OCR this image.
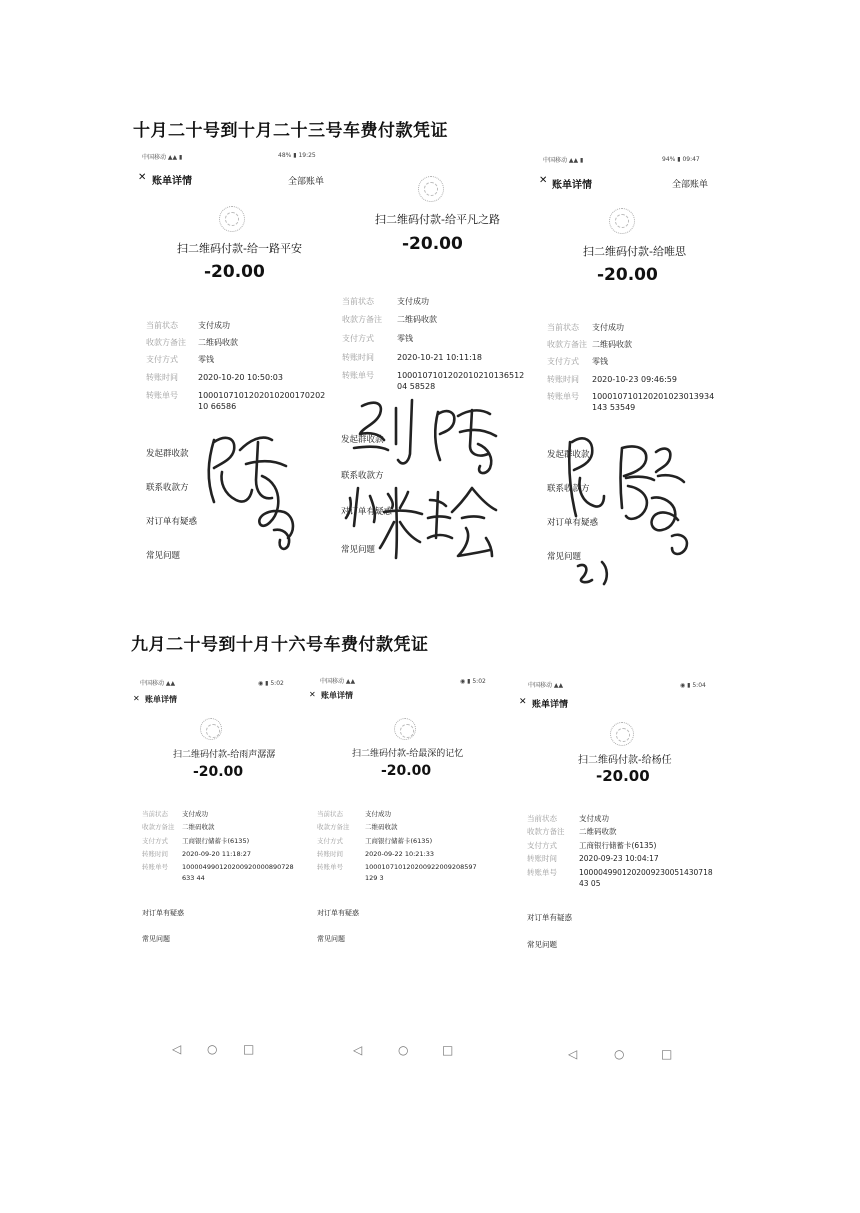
十月二十号到十月二十三号车费付款凭证
九月二十号到十月十六号车费付款凭证
中国移动 ▲▲ ▮	48% ▮ 19:25
✕ 账单详情	全部账单
扫二维码付款-给一路平安
-20.00
当前状态	支付成功
收款方备注 二维码收款
支付方式	零钱
转账时间	2020-10-20 10:50:03
转账单号	100010710120201020017020210 66586
发起群收款
联系收款方
对订单有疑惑
常见问题
扫二维码付款-给平凡之路
-20.00
当前状态	支付成功
收款方备注 二维码收款
支付方式	零钱
转账时间	2020-10-21 10:11:18
转账单号	100010710120201021013651204 58528
发起群收款
联系收款方
对订单有疑惑
常见问题
中国移动 ▲▲ ▮	94% ▮ 09:47
✕ 账单详情	全部账单
扫二维码付款-给唯思
-20.00
当前状态 支付成功
收款方备注 二维码收款
支付方式 零钱
转账时间 2020-10-23 09:46:59
转账单号 100010710120201023013934143 53549
发起群收款
联系收款方
对订单有疑惑
常见问题
中国移动 ▲▲	◉ ▮ 5:02
✕ 账单详情
扫二维码付款-给雨声潺潺
-20.00
当前状态 支付成功
收款方备注 二维码收款
支付方式 工商银行储蓄卡(6135)
转账时间 2020-09-20 11:18:27
转账单号 100004990120200920000890728633 44
对订单有疑惑
常见问题
◁ ○ □
中国移动 ▲▲	◉ ▮ 5:02
✕ 账单详情
扫二维码付款-给最深的记忆
-20.00
当前状态	支付成功
收款方备注 二维码收款
支付方式	工商银行储蓄卡(6135)
转账时间	2020-09-22 10:21:33
转账单号	100010710120200922009208597129 3
对订单有疑惑
常见问题
◁	○	□
中国移动 ▲▲	◉ ▮ 5:04
✕ 账单详情
扫二维码付款-给杨任
-20.00
当前状态	支付成功
收款方备注 二维码收款
支付方式	工商银行储蓄卡(6135)
转账时间	2020-09-23 10:04:17
转账单号	100004990120200923005143071843 05
对订单有疑惑
常见问题
◁	○	□
